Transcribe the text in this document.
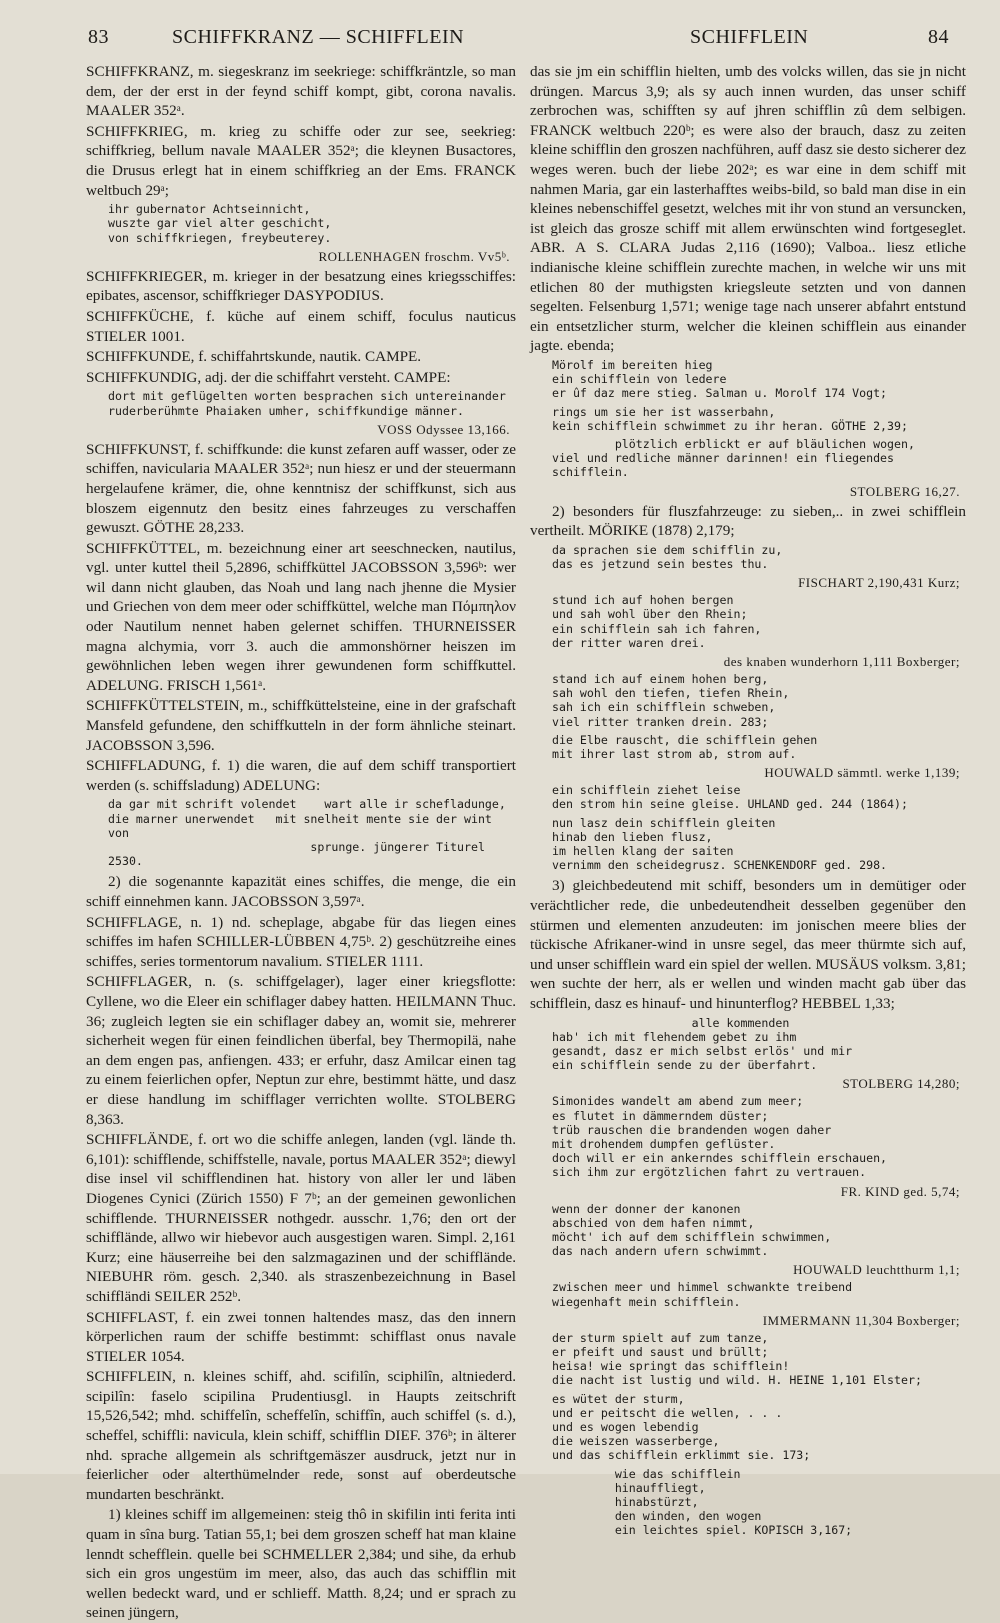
83	SCHIFFKRANZ — SCHIFFLEIN	SCHIFFLEIN	84
SCHIFFKRANZ, m. siegeskranz im seekriege: schiffkräntzle, so man dem, der der erst in der feynd schiff kompt, gibt, corona navalis. MAALER 352ᵃ.
SCHIFFKRIEG, m. krieg zu schiffe oder zur see, seekrieg: schiffkrieg, bellum navale MAALER 352ᵃ; die kleynen Busactores, die Drusus erlegt hat in einem schiffkrieg an der Ems. FRANCK weltbuch 29ᵃ;
ihr gubernator Achtseinnicht,
wuszte gar viel alter geschicht,
von schiffkriegen, freybeuterey.
ROLLENHAGEN froschm. Vv5ᵇ.
SCHIFFKRIEGER, m. krieger in der besatzung eines kriegsschiffes: epibates, ascensor, schiffkrieger DASYPODIUS.
SCHIFFKÜCHE, f. küche auf einem schiff, foculus nauticus STIELER 1001.
SCHIFFKUNDE, f. schiffahrtskunde, nautik. CAMPE.
SCHIFFKUNDIG, adj. der die schiffahrt versteht. CAMPE:
dort mit geflügelten worten besprachen sich untereinander
ruderberühmte Phaiaken umher, schiffkundige männer.
VOSS Odyssee 13,166.
SCHIFFKUNST, f. schiffkunde: die kunst zefaren auff wasser, oder ze schiffen, navicularia MAALER 352ᵃ; nun hiesz er und der steuermann hergelaufene krämer, die, ohne kenntnisz der schiffkunst, sich aus bloszem eigennutz den besitz eines fahrzeuges zu verschaffen gewuszt. GÖTHE 28,233.
SCHIFFKÜTTEL, m. bezeichnung einer art seeschnecken, nautilus, vgl. unter kuttel theil 5,2896, schiffküttel JACOBSSON 3,596ᵇ: wer wil dann nicht glauben, das Noah und lang nach jhenne die Mysier und Griechen von dem meer oder schiffküttel, welche man Πόμπηλον oder Nautilum nennet haben gelernet schiffen. THURNEISSER magna alchymia, vorr 3. auch die ammonshörner heiszen im gewöhnlichen leben wegen ihrer gewundenen form schiffkuttel. ADELUNG. FRISCH 1,561ᵃ.
SCHIFFKÜTTELSTEIN, m., schiffküttelsteine, eine in der grafschaft Mansfeld gefundene, den schiffkutteln in der form ähnliche steinart. JACOBSSON 3,596.
SCHIFFLADUNG, f. 1) die waren, die auf dem schiff transportiert werden (s. schiffsladung) ADELUNG:
da gar mit schrift volendet    wart alle ir schefladunge,
die marner unerwendet   mit snelheit mente sie der wint von
sprunge. jüngerer Titurel 2530.
2) die sogenannte kapazität eines schiffes, die menge, die ein schiff einnehmen kann. JACOBSSON 3,597ᵃ.
SCHIFFLAGE, n. 1) nd. scheplage, abgabe für das liegen eines schiffes im hafen SCHILLER-LÜBBEN 4,75ᵇ. 2) geschützreihe eines schiffes, series tormentorum navalium. STIELER 1111.
SCHIFFLAGER, n. (s. schiffgelager), lager einer kriegsflotte: Cyllene, wo die Eleer ein schiflager dabey hatten. HEILMANN Thuc. 36; zugleich legten sie ein schiflager dabey an, womit sie, mehrerer sicherheit wegen für einen feindlichen überfal, bey Thermopilä, nahe an dem engen pas, anfiengen. 433; er erfuhr, dasz Amilcar einen tag zu einem feierlichen opfer, Neptun zur ehre, bestimmt hätte, und dasz er diese handlung im schifflager verrichten wollte. STOLBERG 8,363.
SCHIFFLÄNDE, f. ort wo die schiffe anlegen, landen (vgl. lände th. 6,101): schifflende, schiffstelle, navale, portus MAALER 352ᵃ; diewyl dise insel vil schifflendinen hat. history von aller ler und läben Diogenes Cynici (Zürich 1550) F 7ᵇ; an der gemeinen gewonlichen schifflende. THURNEISSER nothgedr. ausschr. 1,76; den ort der schifflände, allwo wir hiebevor auch ausgestigen waren. Simpl. 2,161 Kurz; eine häuserreihe bei den salzmagazinen und der schifflände. NIEBUHR röm. gesch. 2,340. als straszenbezeichnung in Basel schiffländi SEILER 252ᵇ.
SCHIFFLAST, f. ein zwei tonnen haltendes masz, das den innern körperlichen raum der schiffe bestimmt: schifflast onus navale STIELER 1054.
SCHIFFLEIN, n. kleines schiff, ahd. scifilîn, sciphilîn, altniederd. scipilîn: faselo scipilina Prudentiusgl. in Haupts zeitschrift 15,526,542; mhd. schiffelîn, scheffelîn, schiffîn, auch schiffel (s. d.), scheffel, schiffli: navicula, klein schiff, schifflin DIEF. 376ᵇ; in älterer nhd. sprache allgemein als schriftgemäszer ausdruck, jetzt nur in feierlicher oder alterthümelnder rede, sonst auf oberdeutsche mundarten beschränkt.
1) kleines schiff im allgemeinen: steig thô in skifilin inti ferita inti quam in sîna burg. Tatian 55,1; bei dem groszen scheff hat man klaine lenndt schefflein. quelle bei SCHMELLER 2,384; und sihe, da erhub sich ein gros ungestüm im meer, also, das auch das schifflin mit wellen bedeckt ward, und er schlieff. Matth. 8,24; und er sprach zu seinen jüngern,
das sie jm ein schifflin hielten, umb des volcks willen, das sie jn nicht drüngen. Marcus 3,9; als sy auch innen wurden, das unser schiff zerbrochen was, schifften sy auf jhren schifflin zû dem selbigen. FRANCK weltbuch 220ᵇ; es were also der brauch, dasz zu zeiten kleine schifflin den groszen nachführen, auff dasz sie desto sicherer dez weges weren. buch der liebe 202ᵃ; es war eine in dem schiff mit nahmen Maria, gar ein lasterhafftes weibs-bild, so bald man dise in ein kleines nebenschiffel gesetzt, welches mit ihr von stund an versuncken, ist gleich das grosze schiff mit allem erwünschten wind fortgeseglet. ABR. A S. CLARA Judas 2,116 (1690); Valboa.. liesz etliche indianische kleine schifflein zurechte machen, in welche wir uns mit etlichen 80 der muthigsten kriegsleute setzten und von dannen segelten. Felsenburg 1,571; wenige tage nach unserer abfahrt entstund ein entsetzlicher sturm, welcher die kleinen schifflein aus einander jagte. ebenda;
Mörolf im bereiten hieg
ein schifflein von ledere
er ûf daz mere stieg. Salman u. Morolf 174 Vogt;
rings um sie her ist wasserbahn,
kein schifflein schwimmet zu ihr heran. GÖTHE 2,39;
plötzlich erblickt er auf bläulichen wogen,
viel und redliche männer darinnen! ein fliegendes schifflein.
STOLBERG 16,27.
2) besonders für fluszfahrzeuge: zu sieben,.. in zwei schifflein vertheilt. MÖRIKE (1878) 2,179;
da sprachen sie dem schifflin zu,
das es jetzund sein bestes thu.
FISCHART 2,190,431 Kurz;
stund ich auf hohen bergen
und sah wohl über den Rhein;
ein schifflein sah ich fahren,
der ritter waren drei.
des knaben wunderhorn 1,111 Boxberger;
stand ich auf einem hohen berg,
sah wohl den tiefen, tiefen Rhein,
sah ich ein schifflein schweben,
viel ritter tranken drein. 283;
die Elbe rauscht, die schifflein gehen
mit ihrer last strom ab, strom auf.
HOUWALD sämmtl. werke 1,139;
ein schifflein ziehet leise
den strom hin seine gleise. UHLAND ged. 244 (1864);
nun lasz dein schifflein gleiten
hinab den lieben flusz,
im hellen klang der saiten
vernimm den scheidegrusz. SCHENKENDORF ged. 298.
3) gleichbedeutend mit schiff, besonders um in demütiger oder verächtlicher rede, die unbedeutendheit desselben gegenüber den stürmen und elementen anzudeuten: im jonischen meere blies der tückische Afrikaner-wind in unsre segel, das meer thürmte sich auf, und unser schifflein ward ein spiel der wellen. MUSÄUS volksm. 3,81; wen suchte der herr, als er wellen und winden macht gab über das schifflein, dasz es hinauf- und hinunterflog? HEBBEL 1,33;
alle kommenden
hab' ich mit flehendem gebet zu ihm
gesandt, dasz er mich selbst erlös' und mir
ein schifflein sende zu der überfahrt.
STOLBERG 14,280;
Simonides wandelt am abend zum meer;
es flutet in dämmerndem düster;
trüb rauschen die brandenden wogen daher
mit drohendem dumpfen geflüster.
doch will er ein ankerndes schifflein erschauen,
sich ihm zur ergötzlichen fahrt zu vertrauen.
FR. KIND ged. 5,74;
wenn der donner der kanonen
abschied von dem hafen nimmt,
möcht' ich auf dem schifflein schwimmen,
das nach andern ufern schwimmt.
HOUWALD leuchtthurm 1,1;
zwischen meer und himmel schwankte treibend
wiegenhaft mein schifflein.
IMMERMANN 11,304 Boxberger;
der sturm spielt auf zum tanze,
er pfeift und saust und brüllt;
heisa! wie springt das schifflein!
die nacht ist lustig und wild. H. HEINE 1,101 Elster;
es wütet der sturm,
und er peitscht die wellen, . . .
und es wogen lebendig
die weiszen wasserberge,
und das schifflein erklimmt sie. 173;
wie das schifflein
hinauffliegt,
hinabstürzt,
den winden, den wogen
ein leichtes spiel. KOPISCH 3,167;
